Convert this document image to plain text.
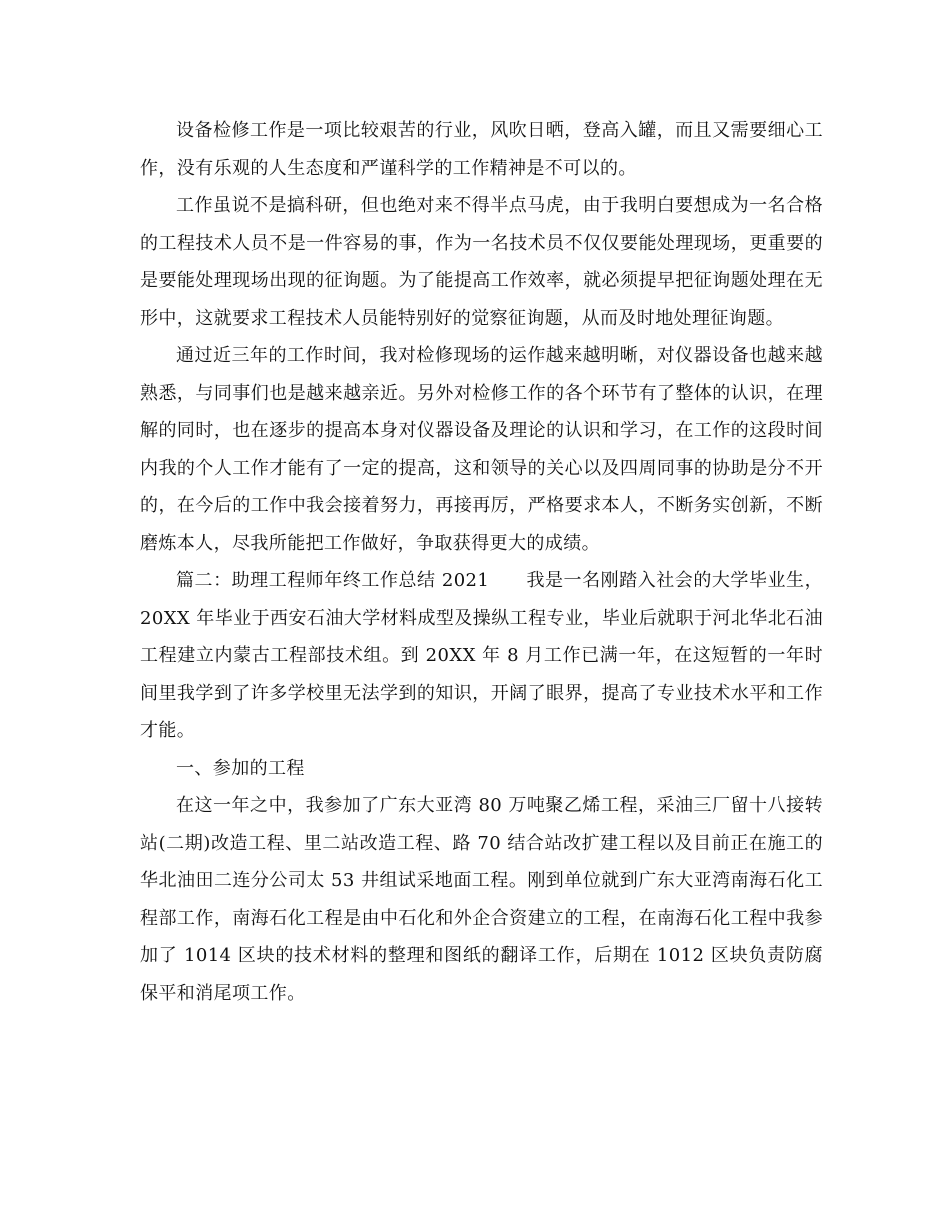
设备检修工作是一项比较艰苦的行业，风吹日晒，登高入罐，而且又需要细心工作，没有乐观的人生态度和严谨科学的工作精神是不可以的。

工作虽说不是搞科研，但也绝对来不得半点马虎，由于我明白要想成为一名合格的工程技术人员不是一件容易的事，作为一名技术员不仅仅要能处理现场，更重要的是要能处理现场出现的征询题。为了能提高工作效率，就必须提早把征询题处理在无形中，这就要求工程技术人员能特别好的觉察征询题，从而及时地处理征询题。

通过近三年的工作时间，我对检修现场的运作越来越明晰，对仪器设备也越来越熟悉，与同事们也是越来越亲近。另外对检修工作的各个环节有了整体的认识，在理解的同时，也在逐步的提高本身对仪器设备及理论的认识和学习，在工作的这段时间内我的个人工作才能有了一定的提高，这和领导的关心以及四周同事的协助是分不开的，在今后的工作中我会接着努力，再接再厉，严格要求本人，不断务实创新，不断磨炼本人，尽我所能把工作做好，争取获得更大的成绩。

篇二：助理工程师年终工作总结 2021　　我是一名刚踏入社会的大学毕业生，20XX 年毕业于西安石油大学材料成型及操纵工程专业，毕业后就职于河北华北石油工程建立内蒙古工程部技术组。到 20XX 年 8 月工作已满一年，在这短暂的一年时间里我学到了许多学校里无法学到的知识，开阔了眼界，提高了专业技术水平和工作才能。

一、参加的工程

在这一年之中，我参加了广东大亚湾 80 万吨聚乙烯工程，采油三厂留十八接转站(二期)改造工程、里二站改造工程、路 70 结合站改扩建工程以及目前正在施工的华北油田二连分公司太 53 井组试采地面工程。刚到单位就到广东大亚湾南海石化工程部工作，南海石化工程是由中石化和外企合资建立的工程，在南海石化工程中我参加了 1014 区块的技术材料的整理和图纸的翻译工作，后期在 1012 区块负责防腐保平和消尾项工作。
